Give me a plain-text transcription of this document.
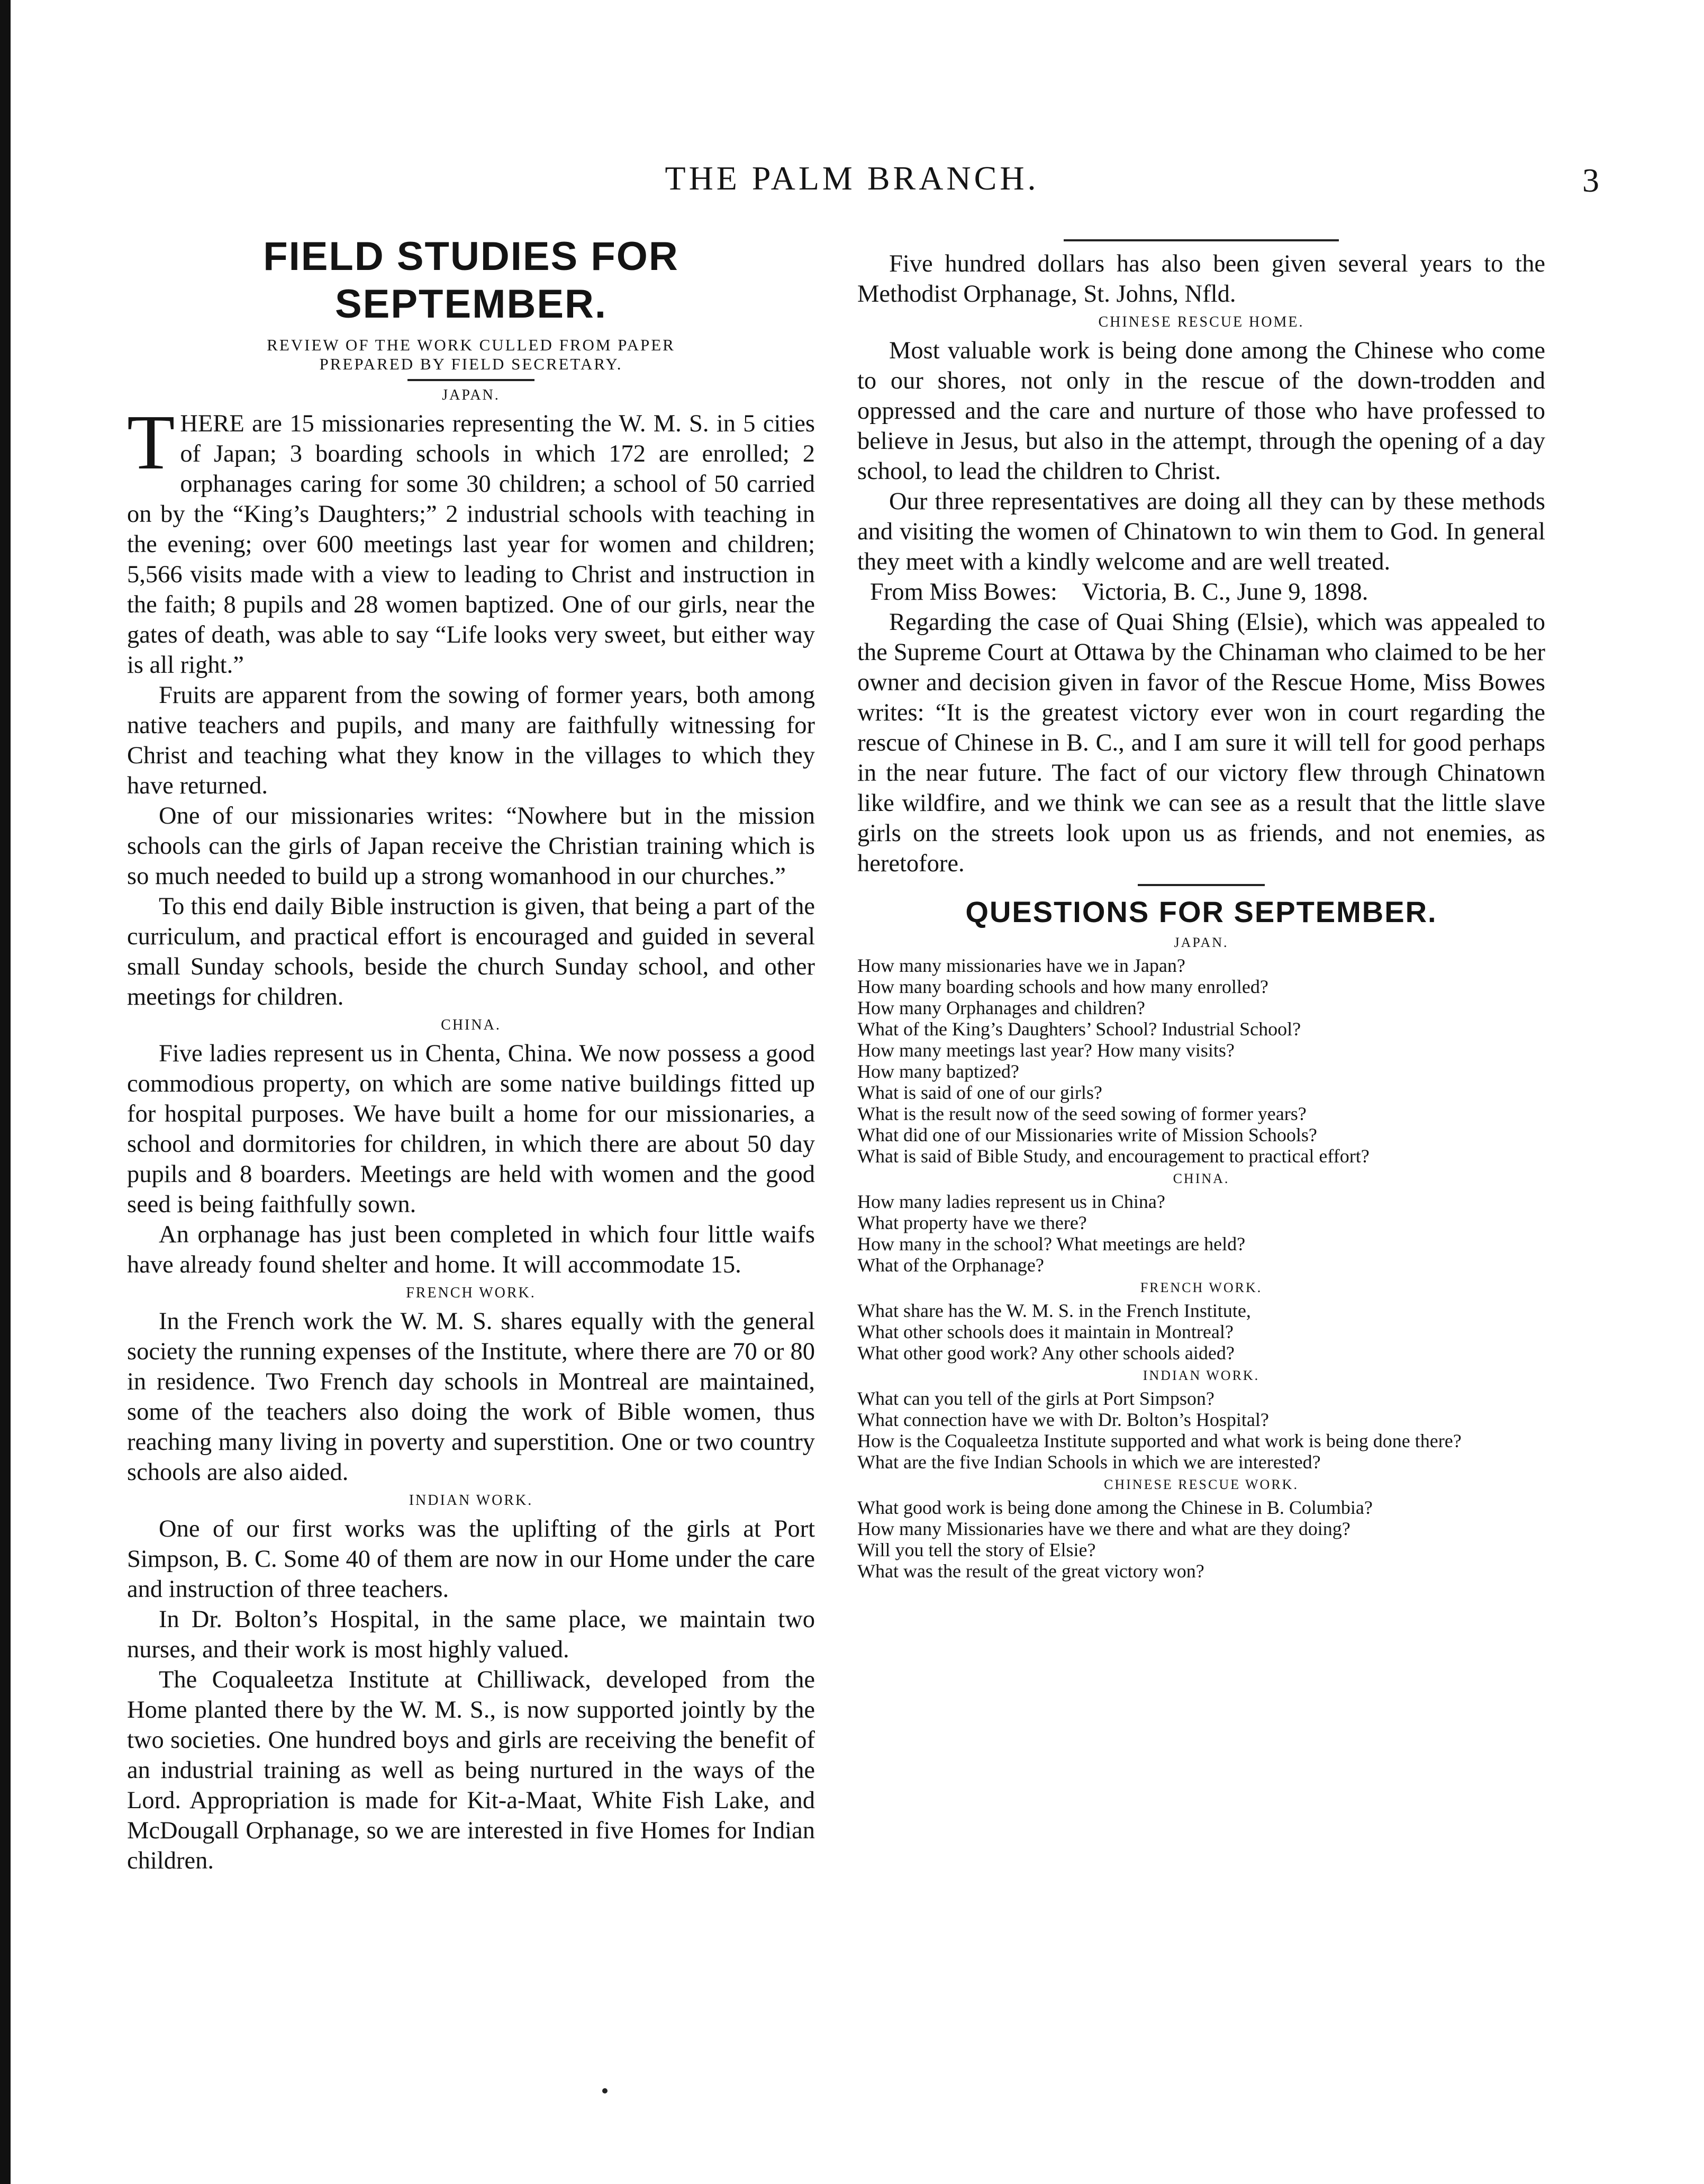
THE PALM BRANCH.	3
FIELD STUDIES FOR SEPTEMBER.
REVIEW OF THE WORK CULLED FROM PAPER
PREPARED BY FIELD SECRETARY.
JAPAN.

THERE are 15 missionaries representing the W. M. S. in 5 cities of Japan; 3 boarding schools in which 172 are enrolled; 2 orphanages caring for some 30 children; a school of 50 carried on by the “King’s Daughters;” 2 industrial schools with teaching in the evening; over 600 meetings last year for women and children; 5,566 visits made with a view to leading to Christ and instruction in the faith; 8 pupils and 28 women baptized. One of our girls, near the gates of death, was able to say “Life looks very sweet, but either way is all right.”

Fruits are apparent from the sowing of former years, both among native teachers and pupils, and many are faithfully witnessing for Christ and teaching what they know in the villages to which they have returned.

One of our missionaries writes: “Nowhere but in the mission schools can the girls of Japan receive the Christian training which is so much needed to build up a strong womanhood in our churches.”

To this end daily Bible instruction is given, that being a part of the curriculum, and practical effort is encouraged and guided in several small Sunday schools, beside the church Sunday school, and other meetings for children.

CHINA.

Five ladies represent us in Chenta, China. We now possess a good commodious property, on which are some native buildings fitted up for hospital purposes. We have built a home for our missionaries, a school and dormitories for children, in which there are about 50 day pupils and 8 boarders. Meetings are held with women and the good seed is being faithfully sown.

An orphanage has just been completed in which four little waifs have already found shelter and home. It will accommodate 15.

FRENCH WORK.

In the French work the W. M. S. shares equally with the general society the running expenses of the Institute, where there are 70 or 80 in residence. Two French day schools in Montreal are maintained, some of the teachers also doing the work of Bible women, thus reaching many living in poverty and superstition. One or two country schools are also aided.

INDIAN WORK.

One of our first works was the uplifting of the girls at Port Simpson, B. C. Some 40 of them are now in our Home under the care and instruction of three teachers.

In Dr. Bolton’s Hospital, in the same place, we maintain two nurses, and their work is most highly valued.

The Coqualeetza Institute at Chilliwack, developed from the Home planted there by the W. M. S., is now supported jointly by the two societies. One hundred boys and girls are receiving the benefit of an industrial training as well as being nurtured in the ways of the Lord. Appropriation is made for Kit-a-Maat, White Fish Lake, and McDougall Orphanage, so we are interested in five Homes for Indian children.

Five hundred dollars has also been given several years to the Methodist Orphanage, St. Johns, Nfld.

CHINESE RESCUE HOME.

Most valuable work is being done among the Chinese who come to our shores, not only in the rescue of the down-trodden and oppressed and the care and nurture of those who have professed to believe in Jesus, but also in the attempt, through the opening of a day school, to lead the children to Christ.

Our three representatives are doing all they can by these methods and visiting the women of Chinatown to win them to God. In general they meet with a kindly welcome and are well treated.

From Miss Bowes: Victoria, B. C., June 9, 1898.

Regarding the case of Quai Shing (Elsie), which was appealed to the Supreme Court at Ottawa by the Chinaman who claimed to be her owner and decision given in favor of the Rescue Home, Miss Bowes writes: “It is the greatest victory ever won in court regarding the rescue of Chinese in B. C., and I am sure it will tell for good perhaps in the near future. The fact of our victory flew through Chinatown like wildfire, and we think we can see as a result that the little slave girls on the streets look upon us as friends, and not enemies, as heretofore.

QUESTIONS FOR SEPTEMBER.
JAPAN.

How many missionaries have we in Japan?

How many boarding schools and how many enrolled?

How many Orphanages and children?

What of the King’s Daughters’ School? Industrial School?

How many meetings last year? How many visits?

How many baptized?

What is said of one of our girls?

What is the result now of the seed sowing of former years?

What did one of our Missionaries write of Mission Schools?

What is said of Bible Study, and encouragement to practical effort?

CHINA.

How many ladies represent us in China?

What property have we there?

How many in the school? What meetings are held?

What of the Orphanage?

FRENCH WORK.

What share has the W. M. S. in the French Institute,

What other schools does it maintain in Montreal?

What other good work? Any other schools aided?

INDIAN WORK.

What can you tell of the girls at Port Simpson?

What connection have we with Dr. Bolton’s Hospital?

How is the Coqualeetza Institute supported and what work is being done there?

What are the five Indian Schools in which we are interested?

CHINESE RESCUE WORK.

What good work is being done among the Chinese in B. Columbia?

How many Missionaries have we there and what are they doing?

Will you tell the story of Elsie?

What was the result of the great victory won?
